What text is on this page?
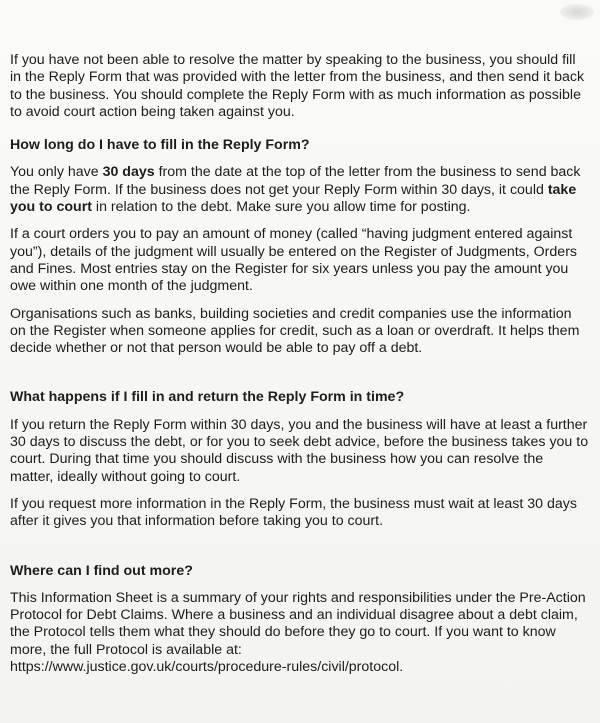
If you have not been able to resolve the matter by speaking to the business, you should fill in the Reply Form that was provided with the letter from the business, and then send it back to the business. You should complete the Reply Form with as much information as possible to avoid court action being taken against you.

How long do I have to fill in the Reply Form?

You only have 30 days from the date at the top of the letter from the business to send back the Reply Form. If the business does not get your Reply Form within 30 days, it could take you to court in relation to the debt. Make sure you allow time for posting.

If a court orders you to pay an amount of money (called “having judgment entered against you”), details of the judgment will usually be entered on the Register of Judgments, Orders and Fines. Most entries stay on the Register for six years unless you pay the amount you owe within one month of the judgment.

Organisations such as banks, building societies and credit companies use the information on the Register when someone applies for credit, such as a loan or overdraft. It helps them decide whether or not that person would be able to pay off a debt.

What happens if I fill in and return the Reply Form in time?

If you return the Reply Form within 30 days, you and the business will have at least a further 30 days to discuss the debt, or for you to seek debt advice, before the business takes you to court. During that time you should discuss with the business how you can resolve the matter, ideally without going to court.

If you request more information in the Reply Form, the business must wait at least 30 days after it gives you that information before taking you to court.

Where can I find out more?

This Information Sheet is a summary of your rights and responsibilities under the Pre-Action Protocol for Debt Claims. Where a business and an individual disagree about a debt claim, the Protocol tells them what they should do before they go to court. If you want to know more, the full Protocol is available at:
https://www.justice.gov.uk/courts/procedure-rules/civil/protocol.
